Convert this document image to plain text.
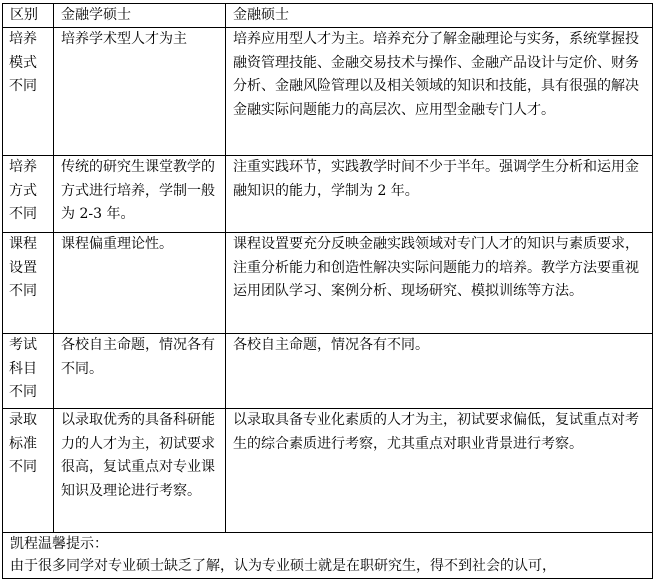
区别	金融学硕士	金融硕士
培养模式不同	培养学术型人才为主	培养应用型人才为主。培养充分了解金融理论与实务，系统掌握投融资管理技能、金融交易技术与操作、金融产品设计与定价、财务分析、金融风险管理以及相关领域的知识和技能，具有很强的解决金融实际问题能力的高层次、应用型金融专门人才。
培养方式不同	传统的研究生课堂教学的方式进行培养，学制一般为 2-3 年。	注重实践环节，实践教学时间不少于半年。强调学生分析和运用金融知识的能力，学制为 2 年。
课程设置不同	课程偏重理论性。	课程设置要充分反映金融实践领域对专门人才的知识与素质要求，注重分析能力和创造性解决实际问题能力的培养。教学方法要重视运用团队学习、案例分析、现场研究、模拟训练等方法。
考试科目不同	各校自主命题，情况各有不同。	各校自主命题，情况各有不同。
录取标准不同	以录取优秀的具备科研能力的人才为主，初试要求很高，复试重点对专业课知识及理论进行考察。	以录取具备专业化素质的人才为主，初试要求偏低，复试重点对考生的综合素质进行考察，尤其重点对职业背景进行考察。

凯程温馨提示：
由于很多同学对专业硕士缺乏了解，认为专业硕士就是在职研究生，得不到社会的认可，		
